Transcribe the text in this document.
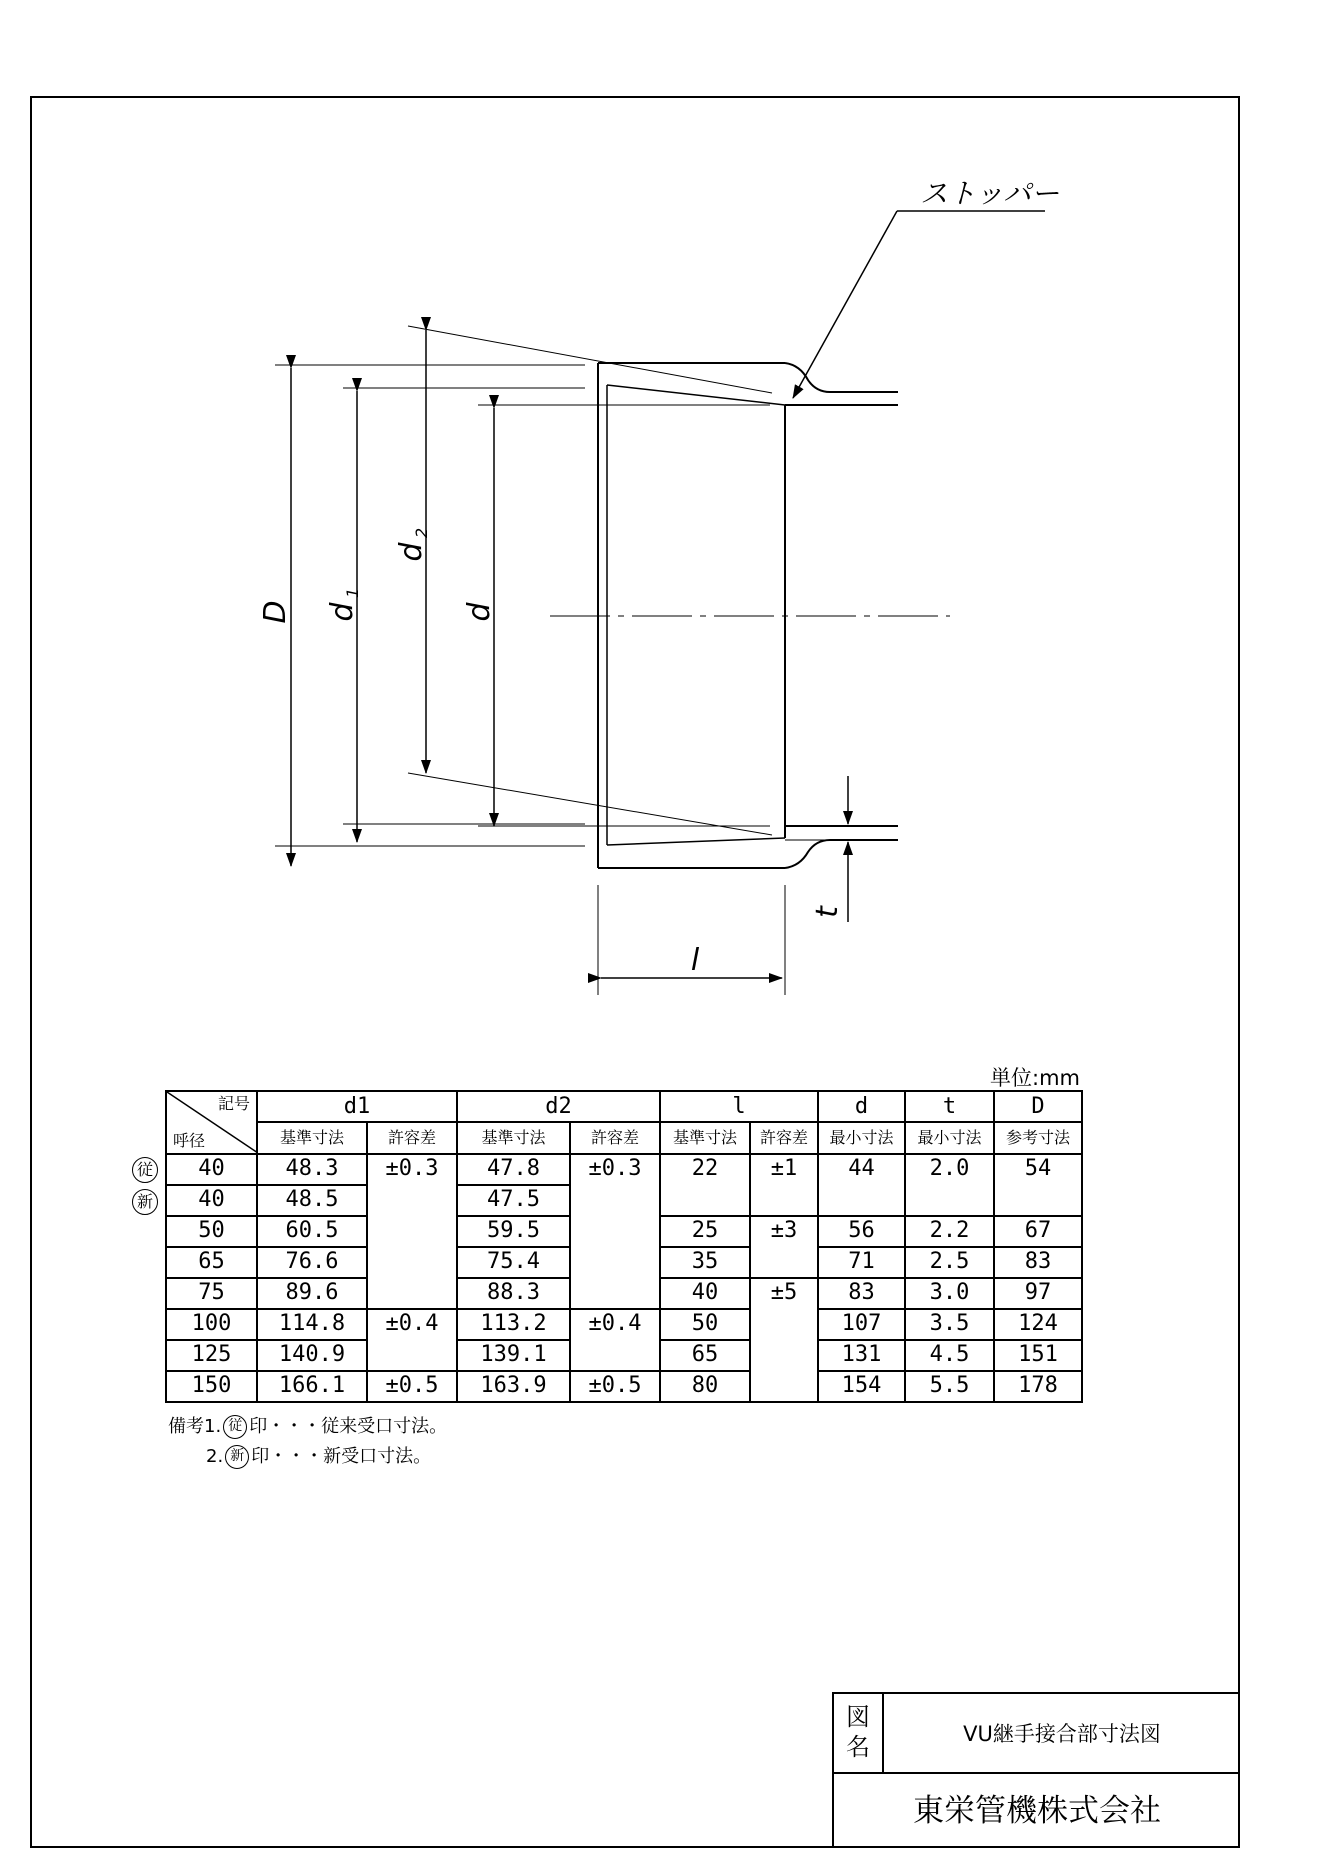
ストッパー
D d
1
d
2
d
l
t
単位:mm
記号
呼径	d1		d2		l		d	t	D
	基準寸法	許容差	基準寸法	許容差	基準寸法	許容差	最小寸法	最小寸法	参考寸法
40	48.3	±0.3	47.8	±0.3	22	±1	44	2.0	54
40	48.5		47.5						
50	60.5		59.5		25	±3	56	2.2	67
65	76.6		75.4		35		71	2.5	83
75	89.6		88.3		40	±5	83	3.0	97
100	114.8	±0.4	113.2	±0.4	50		107	3.5	124
125	140.9		139.1		65		131	4.5	151
150	166.1	±0.5	163.9	±0.5	80		154	5.5	178
従
新
備考1. 従 印・・・従来受口寸法。
2. 新 印・・・新受口寸法。
図
名	VU継手接合部寸法図
東栄管機株式会社
